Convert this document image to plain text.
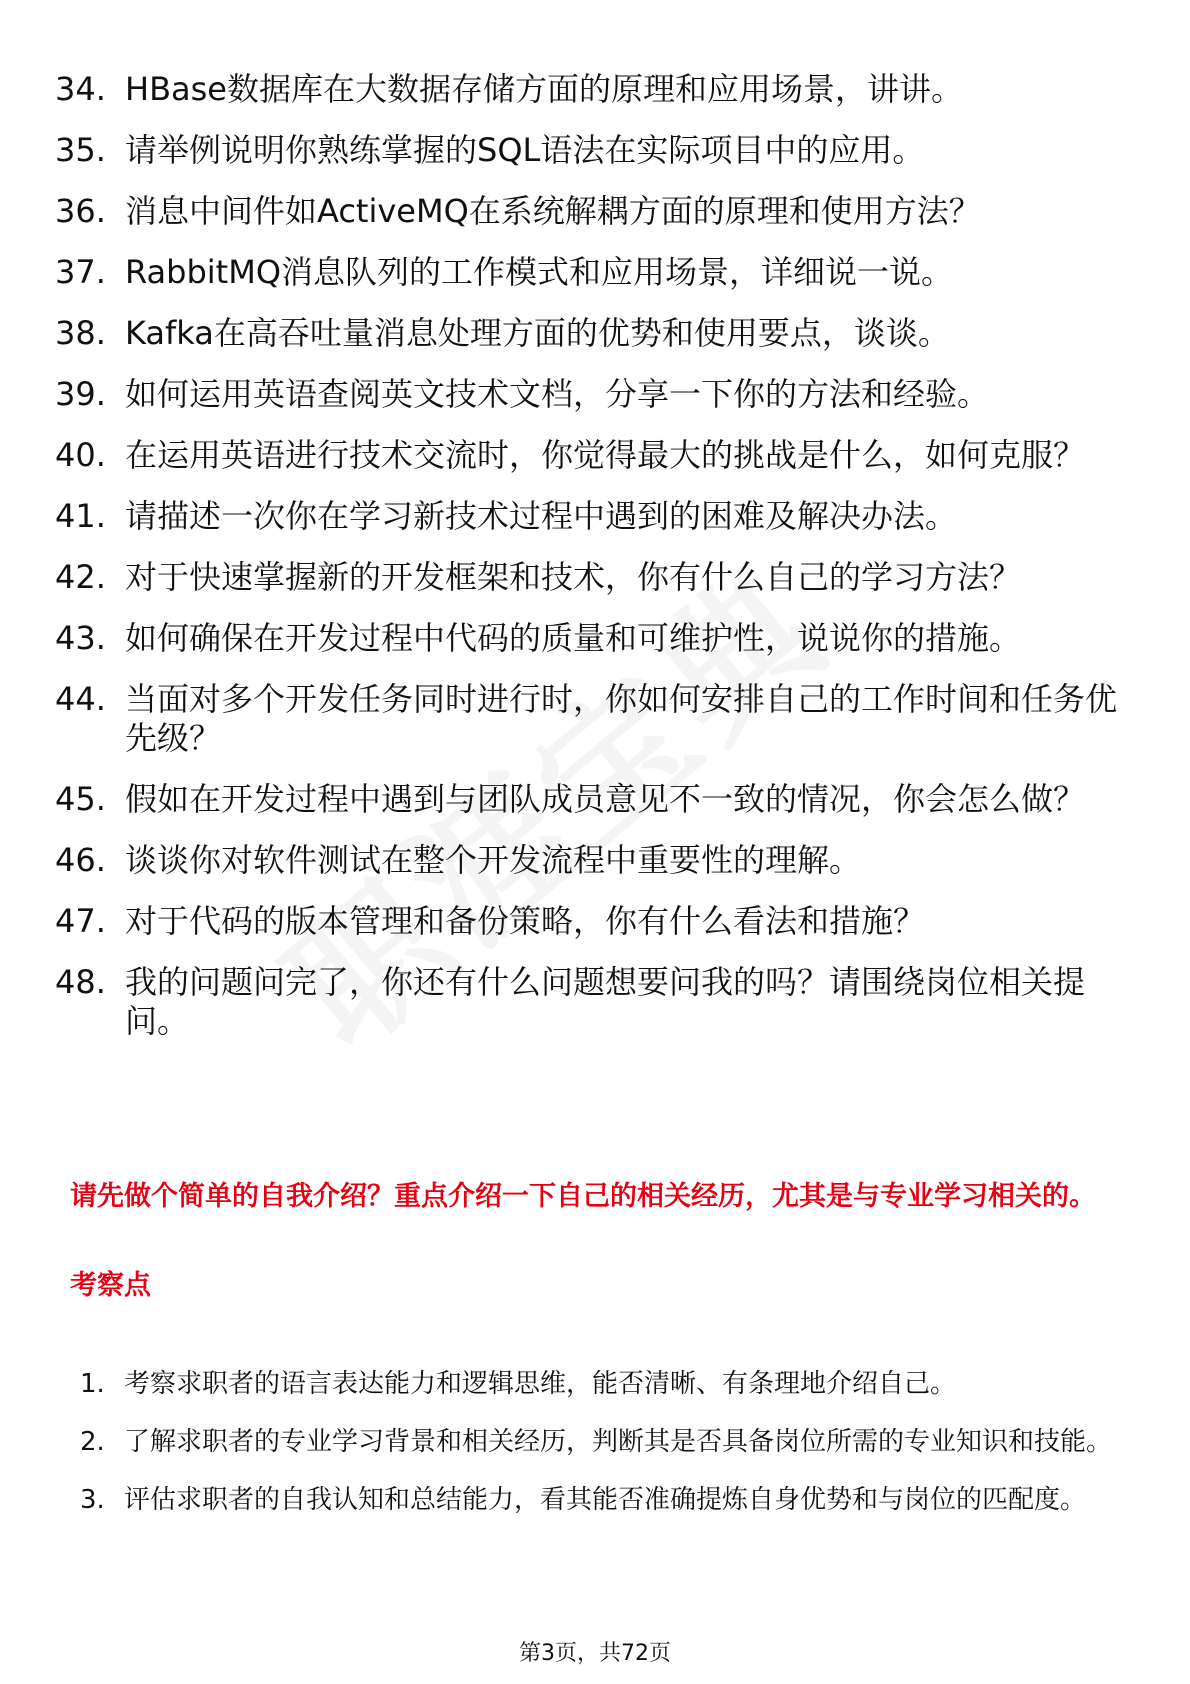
34. HBase数据库在大数据存储方面的原理和应用场景，讲讲。
35. 请举例说明你熟练掌握的SQL语法在实际项目中的应用。
36. 消息中间件如ActiveMQ在系统解耦方面的原理和使用方法？
37. RabbitMQ消息队列的工作模式和应用场景，详细说一说。
38. Kafka在高吞吐量消息处理方面的优势和使用要点，谈谈。
39. 如何运用英语查阅英文技术文档，分享一下你的方法和经验。
40. 在运用英语进行技术交流时，你觉得最大的挑战是什么，如何克服？
41. 请描述一次你在学习新技术过程中遇到的困难及解决办法。
42. 对于快速掌握新的开发框架和技术，你有什么自己的学习方法？
43. 如何确保在开发过程中代码的质量和可维护性，说说你的措施。
44. 当面对多个开发任务同时进行时，你如何安排自己的工作时间和任务优先级？
45. 假如在开发过程中遇到与团队成员意见不一致的情况，你会怎么做？
46. 谈谈你对软件测试在整个开发流程中重要性的理解。
47. 对于代码的版本管理和备份策略，你有什么看法和措施？
48. 我的问题问完了，你还有什么问题想要问我的吗？请围绕岗位相关提问。

请先做个简单的自我介绍？重点介绍一下自己的相关经历，尤其是与专业学习相关的。

考察点

1. 考察求职者的语言表达能力和逻辑思维，能否清晰、有条理地介绍自己。
2. 了解求职者的专业学习背景和相关经历，判断其是否具备岗位所需的专业知识和技能。
3. 评估求职者的自我认知和总结能力，看其能否准确提炼自身优势和与岗位的匹配度。
第3页，共72页
